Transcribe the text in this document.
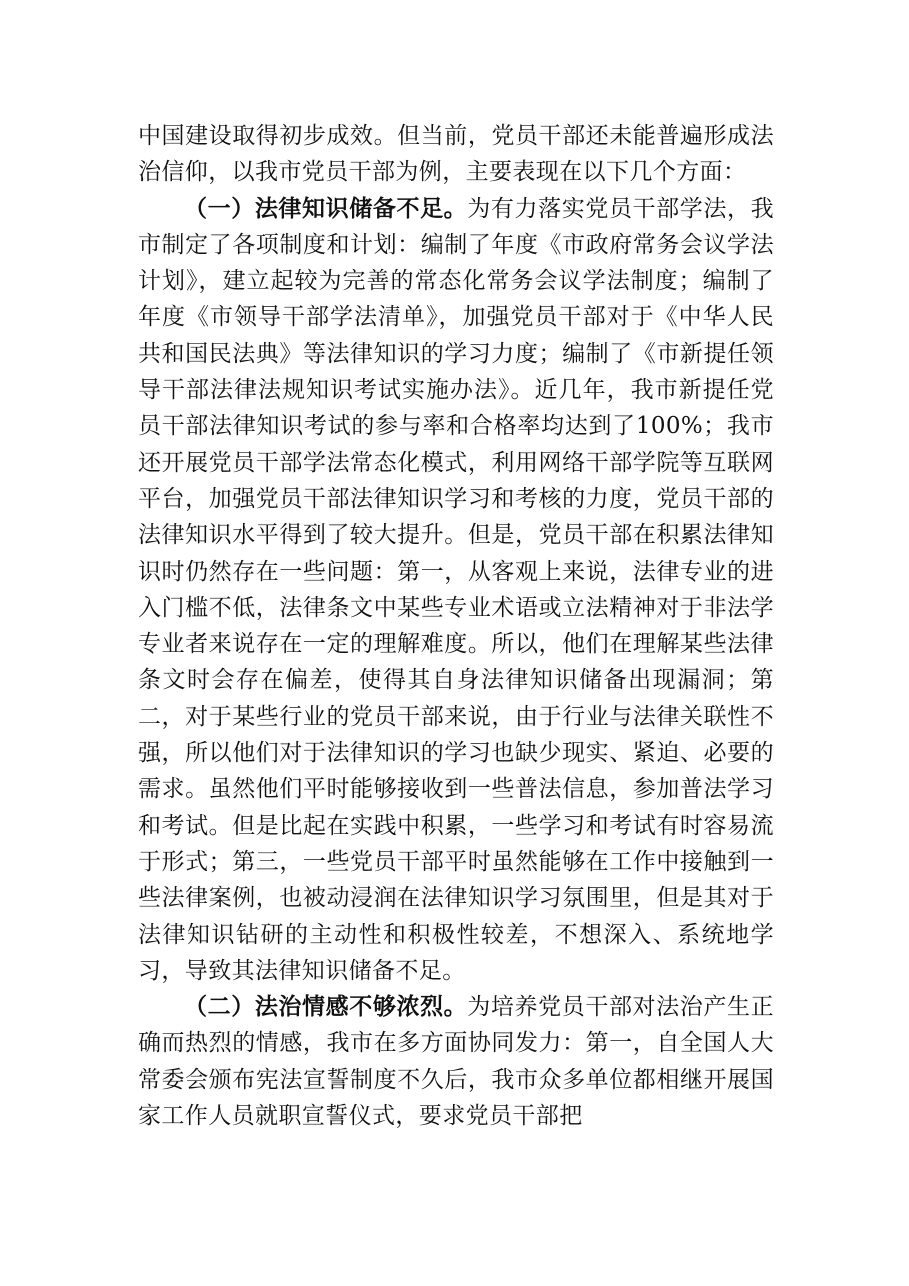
中国建设取得初步成效。但当前，党员干部还未能普遍形成法治信仰，以我市党员干部为例，主要表现在以下几个方面：

（一）法律知识储备不足。为有力落实党员干部学法，我市制定了各项制度和计划：编制了年度《市政府常务会议学法计划》，建立起较为完善的常态化常务会议学法制度；编制了年度《市领导干部学法清单》，加强党员干部对于《中华人民共和国民法典》等法律知识的学习力度；编制了《市新提任领导干部法律法规知识考试实施办法》。近几年，我市新提任党员干部法律知识考试的参与率和合格率均达到了100%；我市还开展党员干部学法常态化模式，利用网络干部学院等互联网平台，加强党员干部法律知识学习和考核的力度，党员干部的法律知识水平得到了较大提升。但是，党员干部在积累法律知识时仍然存在一些问题：第一，从客观上来说，法律专业的进入门槛不低，法律条文中某些专业术语或立法精神对于非法学专业者来说存在一定的理解难度。所以，他们在理解某些法律条文时会存在偏差，使得其自身法律知识储备出现漏洞；第二，对于某些行业的党员干部来说，由于行业与法律关联性不强，所以他们对于法律知识的学习也缺少现实、紧迫、必要的需求。虽然他们平时能够接收到一些普法信息，参加普法学习和考试。但是比起在实践中积累，一些学习和考试有时容易流于形式；第三，一些党员干部平时虽然能够在工作中接触到一些法律案例，也被动浸润在法律知识学习氛围里，但是其对于法律知识钻研的主动性和积极性较差，不想深入、系统地学习，导致其法律知识储备不足。

（二）法治情感不够浓烈。为培养党员干部对法治产生正确而热烈的情感，我市在多方面协同发力：第一，自全国人大常委会颁布宪法宣誓制度不久后，我市众多单位都相继开展国家工作人员就职宣誓仪式，要求党员干部把
